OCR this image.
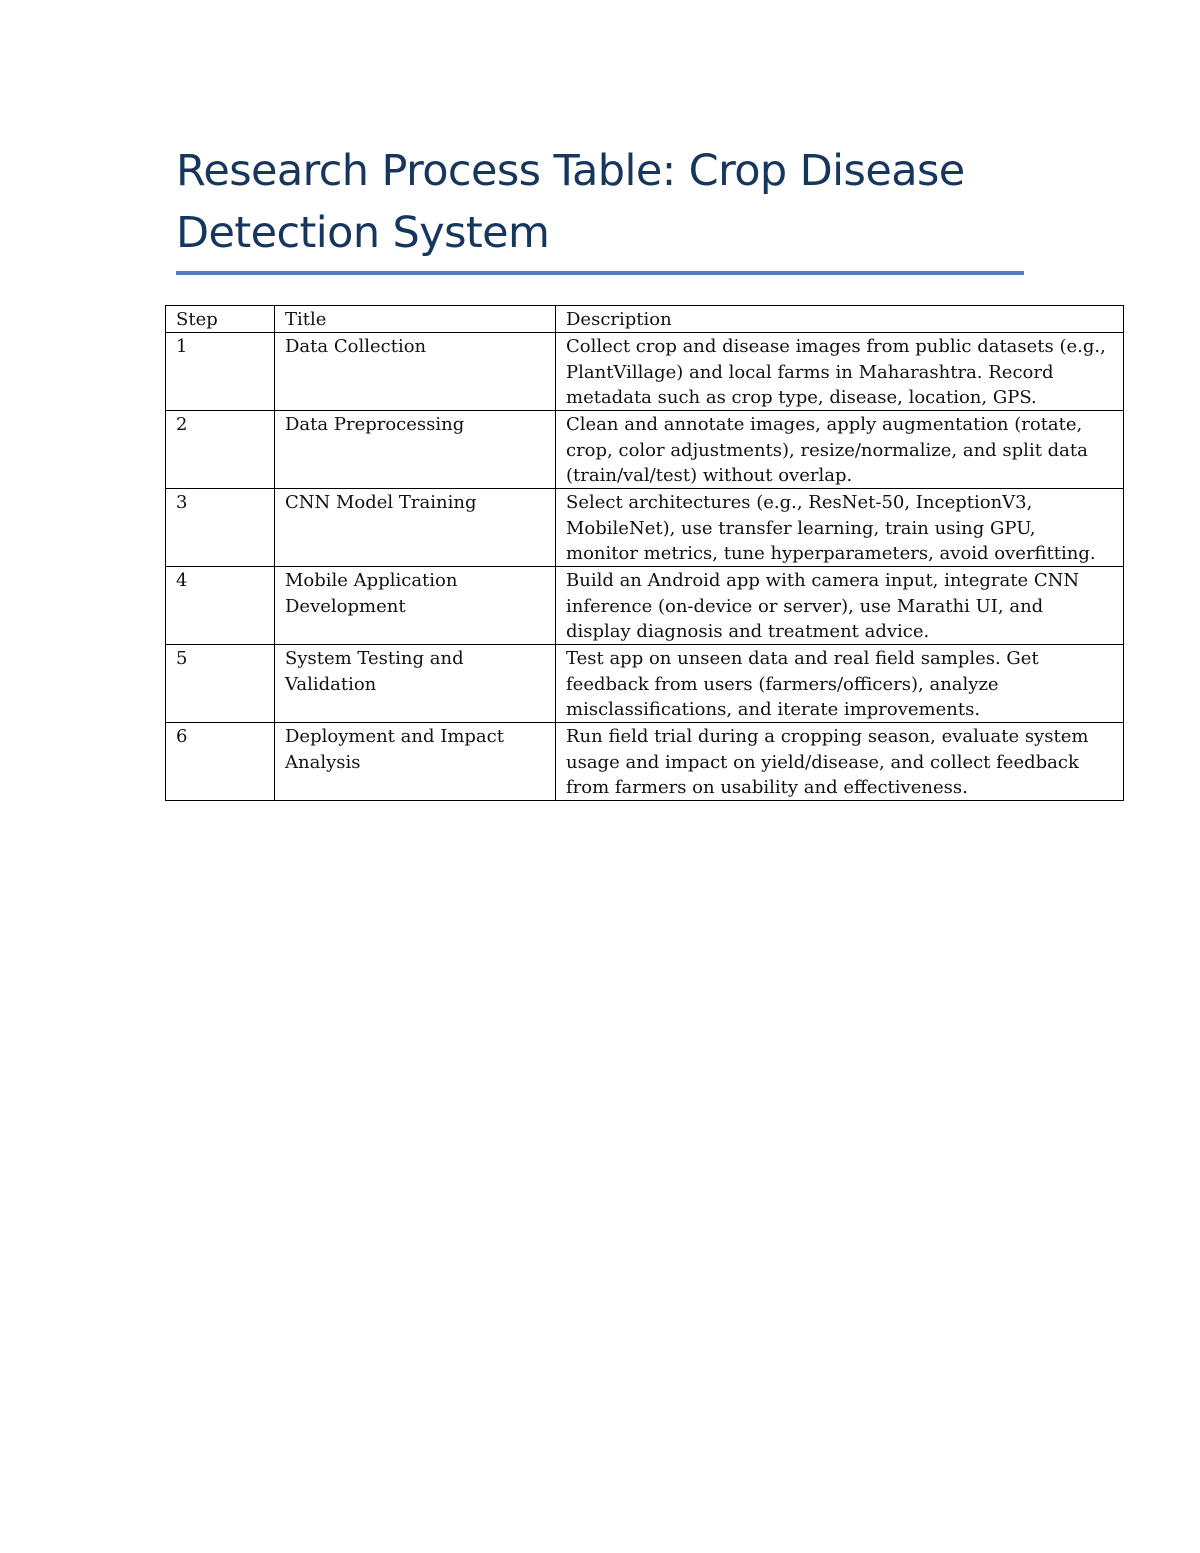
Research Process Table: Crop Disease Detection System
Step	Title	Description
1	Data Collection	Collect crop and disease images from public datasets (e.g., PlantVillage) and local farms in Maharashtra. Record metadata such as crop type, disease, location, GPS.
2	Data Preprocessing	Clean and annotate images, apply augmentation (rotate, crop, color adjustments), resize/normalize, and split data (train/val/test) without overlap.
3	CNN Model Training	Select architectures (e.g., ResNet-50, InceptionV3, MobileNet), use transfer learning, train using GPU, monitor metrics, tune hyperparameters, avoid overfitting.
4	Mobile Application Development	Build an Android app with camera input, integrate CNN inference (on-device or server), use Marathi UI, and display diagnosis and treatment advice.
5	System Testing and Validation	Test app on unseen data and real field samples. Get feedback from users (farmers/officers), analyze misclassifications, and iterate improvements.
6	Deployment and Impact Analysis	Run field trial during a cropping season, evaluate system usage and impact on yield/disease, and collect feedback from farmers on usability and effectiveness.
